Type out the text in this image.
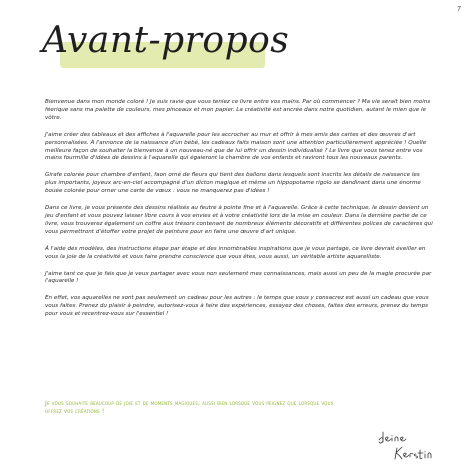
7
Avant-propos

Bienvenue dans mon monde coloré ! Je suis ravie que vous teniez ce livre entre vos mains. Par où commencer ? Ma vie serait bien moins féerique sans ma palette de couleurs, mes pinceaux et mon papier. La créativité est ancrée dans notre quotidien, autant le mien que le vôtre.

J'aime créer des tableaux et des affiches à l'aquarelle pour les accrocher au mur et offrir à mes amis des cartes et des œuvres d'art personnalisées. À l'annonce de la naissance d'un bébé, les cadeaux faits maison sont une attention particulièrement appréciée ! Quelle meilleure façon de souhaiter la bienvenue à un nouveau-né que de lui offrir un dessin individualisé ? Le livre que vous tenez entre vos mains fourmille d'idées de dessins à l'aquarelle qui égaieront la chambre de vos enfants et raviront tous les nouveaux parents.

Girafe colorée pour chambre d'enfant, faon orné de fleurs qui tient des ballons dans lesquels sont inscrits les détails de naissance les plus importants, joyeux arc-en-ciel accompagné d'un dicton magique et même un hippopotame rigolo se dandinant dans une énorme bouée colorée pour orner une carte de vœux : vous ne manquerez pas d'idées !

Dans ce livre, je vous présente des dessins réalisés au feutre à pointe fine et à l'aquarelle. Grâce à cette technique, le dessin devient un jeu d'enfant et vous pouvez laisser libre cours à vos envies et à votre créativité lors de la mise en couleur. Dans la dernière partie de ce livre, vous trouverez également un coffre aux trésors contenant de nombreux éléments décoratifs et différentes polices de caractères qui vous permettront d'étoffer votre projet de peinture pour en faire une œuvre d'art unique.

À l'aide des modèles, des instructions étape par étape et des innombrables inspirations que je vous partage, ce livre devrait éveiller en vous la joie de la créativité et vous faire prendre conscience que vous êtes, vous aussi, un véritable artiste aquarelliste.

J'aime tant ce que je fais que je veux partager avec vous non seulement mes connaissances, mais aussi un peu de la magie procurée par l'aquarelle !

En effet, vos aquarelles ne sont pas seulement un cadeau pour les autres : le temps que vous y consacrez est aussi un cadeau que vous vous faites. Prenez du plaisir à peindre, autorisez-vous à faire des expériences, essayez des choses, faites des erreurs, prenez du temps pour vous et recentrez-vous sur l'essentiel !

Je vous souhaite beaucoup de joie et de moments magiques, aussi bien lorsque vous peignez que lorsque vous offrez vos créations !
